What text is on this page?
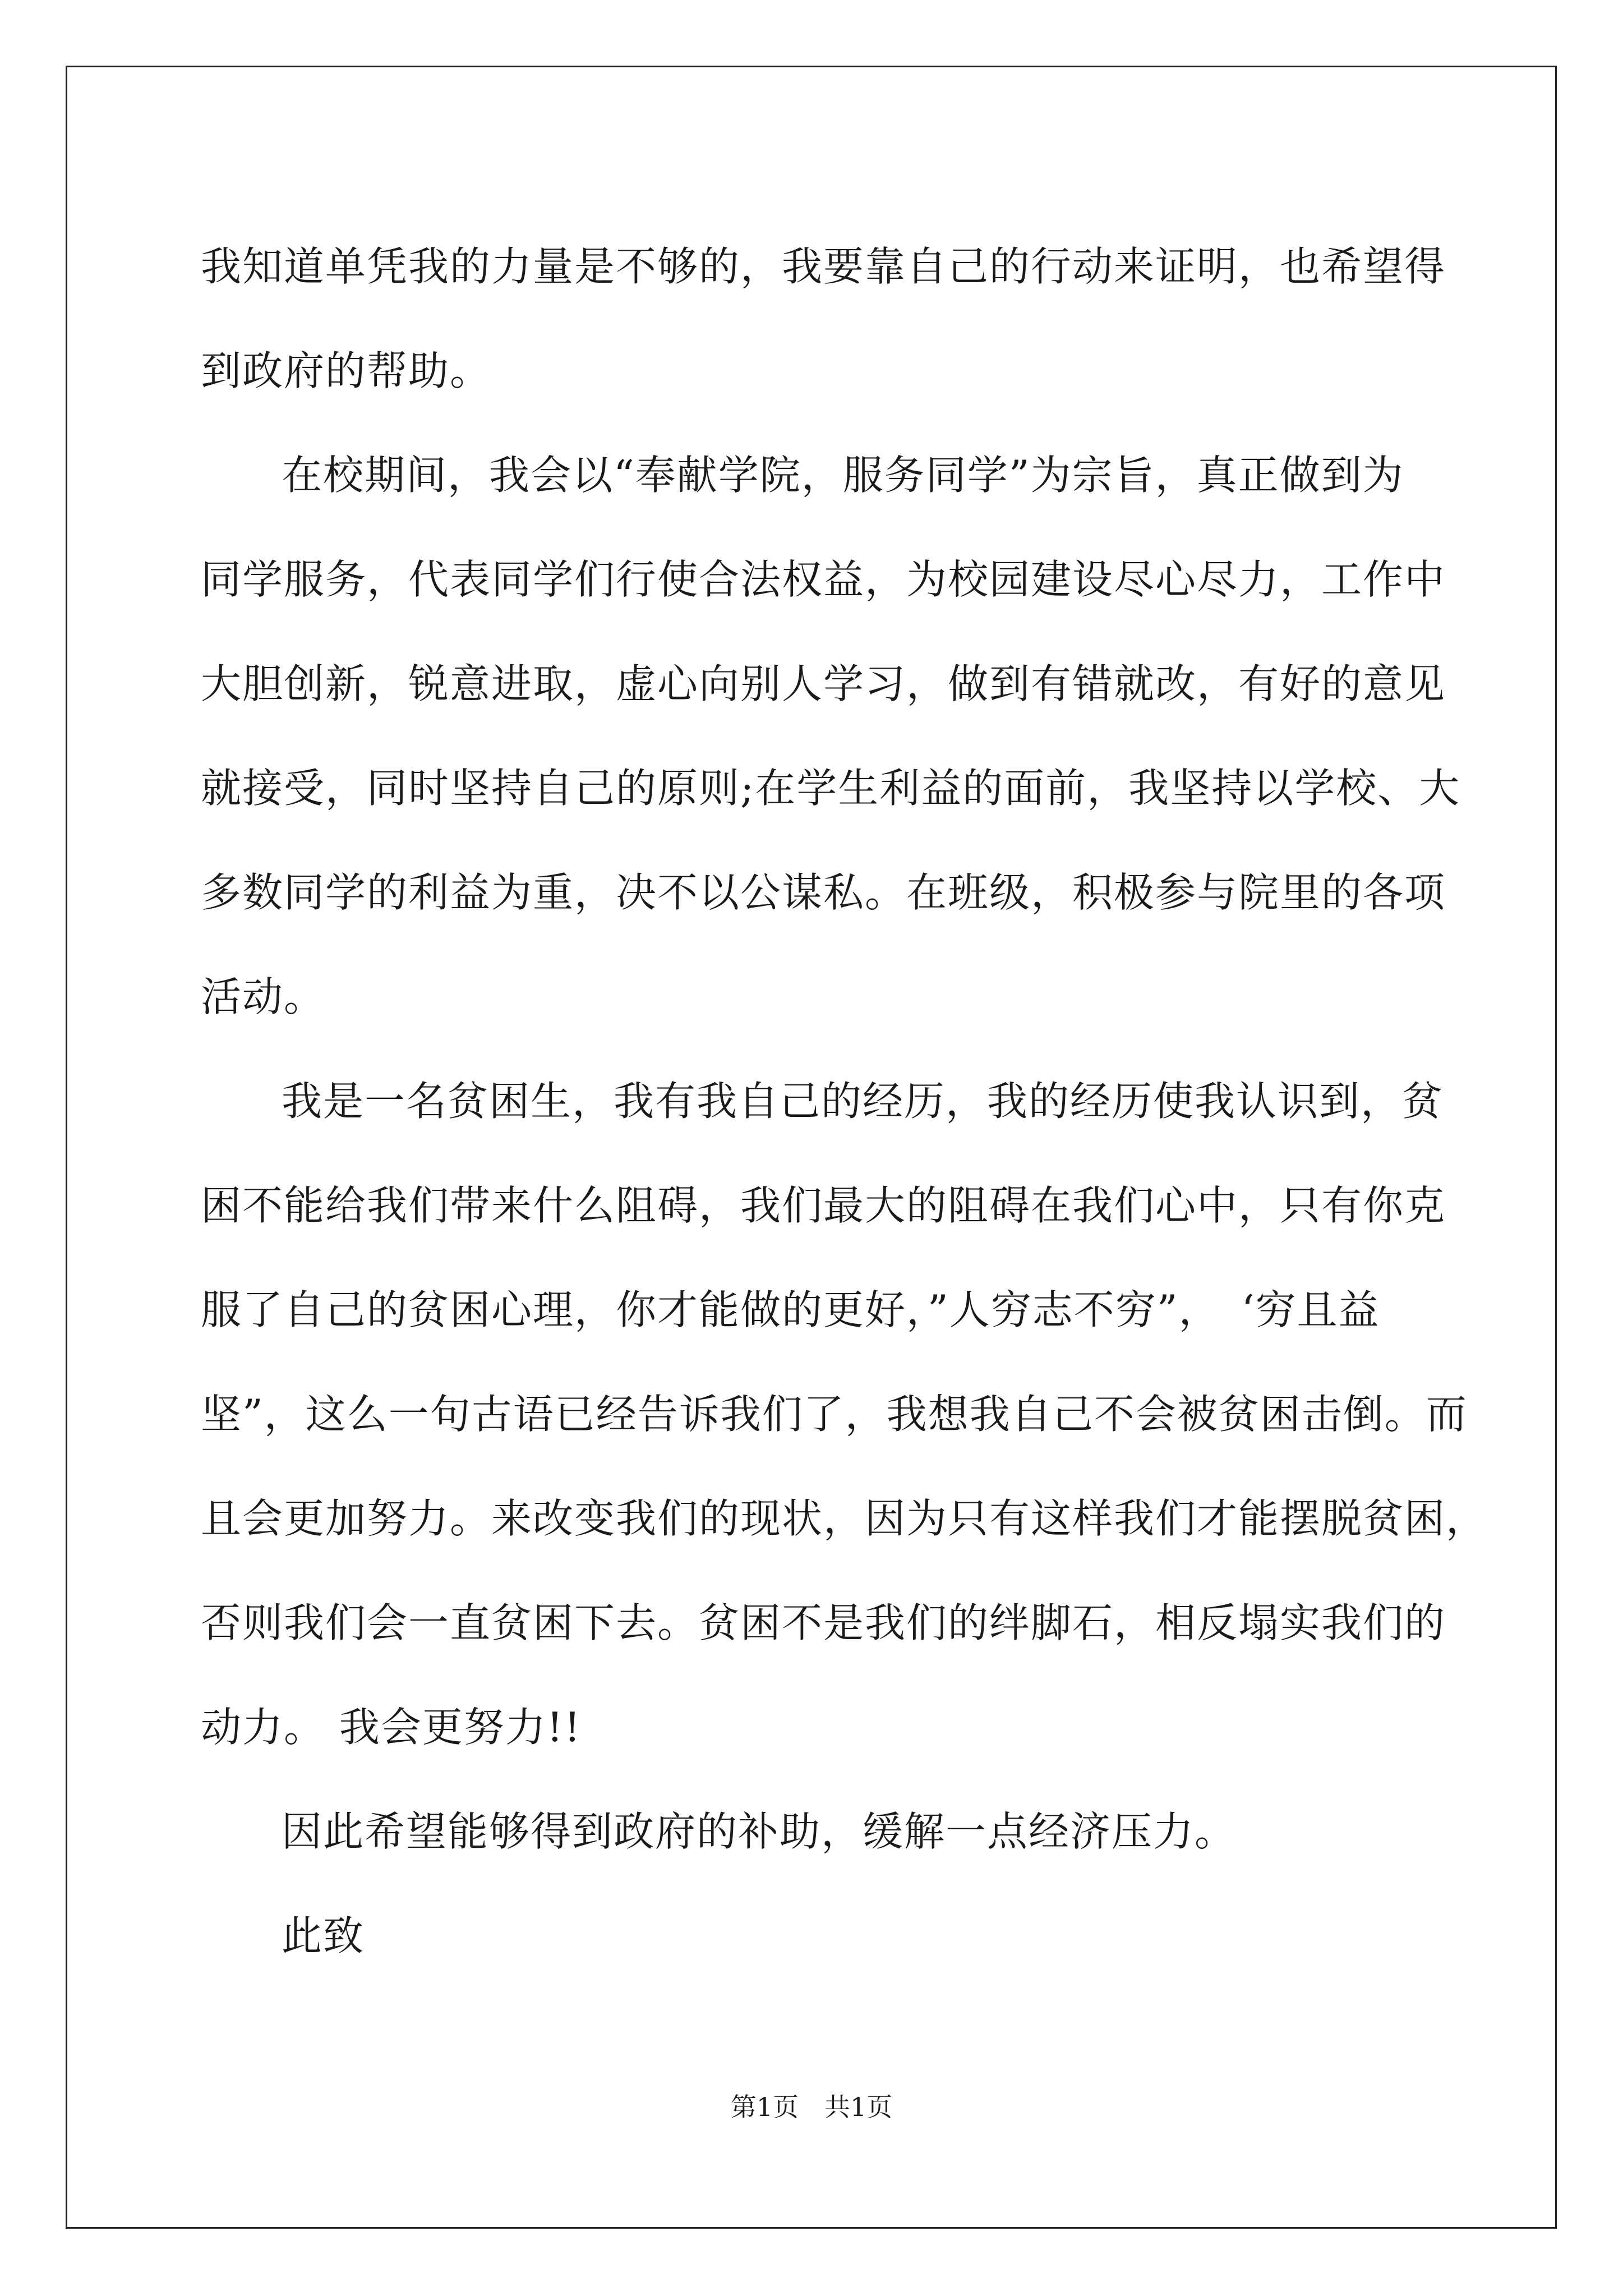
我知道单凭我的力量是不够的，我要靠自己的行动来证明，也希望得
到政府的帮助。
在校期间，我会以“奉献学院，服务同学”为宗旨，真正做到为
同学服务，代表同学们行使合法权益，为校园建设尽心尽力，工作中
大胆创新，锐意进取，虚心向别人学习，做到有错就改，有好的意见
就接受，同时坚持自己的原则;在学生利益的面前，我坚持以学校、大
多数同学的利益为重，决不以公谋私。在班级，积极参与院里的各项
活动。
我是一名贫困生，我有我自己的经历，我的经历使我认识到，贫
困不能给我们带来什么阻碍，我们最大的阻碍在我们心中，只有你克
服了自己的贫困心理，你才能做的更好，”人穷志不穷”，　‘穷且益
坚”，这么一句古语已经告诉我们了，我想我自己不会被贫困击倒。而
且会更加努力。来改变我们的现状，因为只有这样我们才能摆脱贫困，
否则我们会一直贫困下去。贫困不是我们的绊脚石，相反塌实我们的
动力。 我会更努力!!
因此希望能够得到政府的补助，缓解一点经济压力。
此致
第1页　共1页
